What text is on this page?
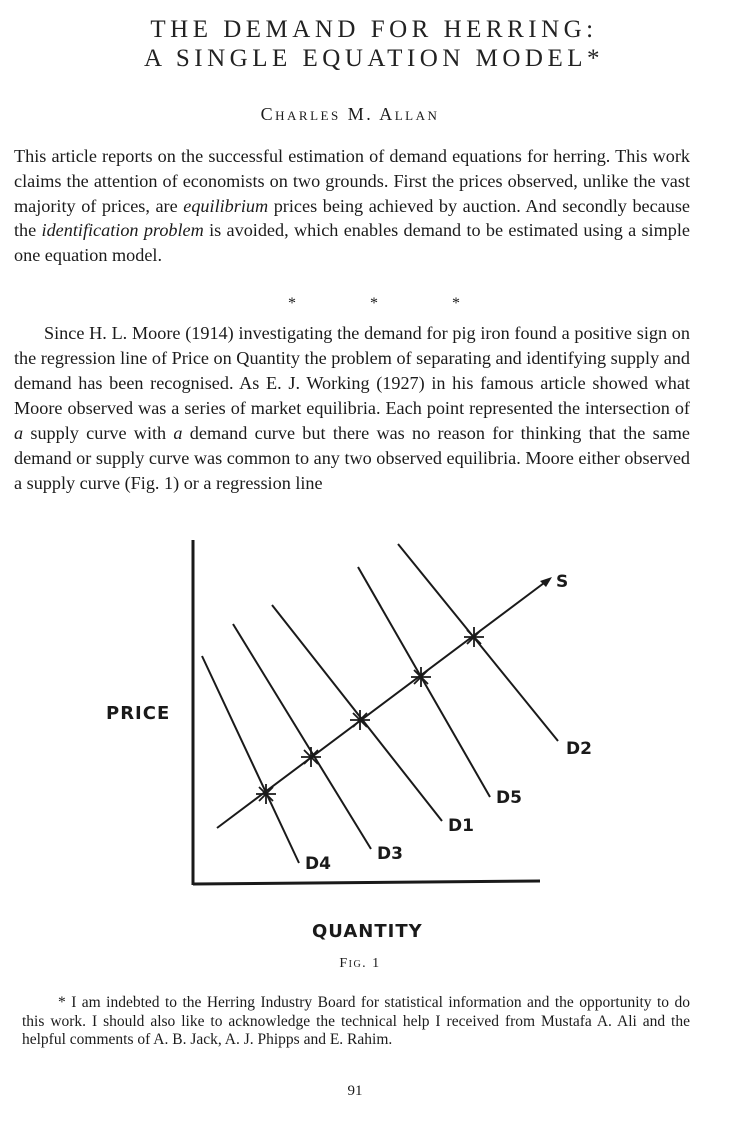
THE DEMAND FOR HERRING:
A SINGLE EQUATION MODEL*
Charles M. Allan
This article reports on the successful estimation of demand equations for herring. This work claims the attention of economists on two grounds. First the prices observed, unlike the vast majority of prices, are equilibrium prices being achieved by auction. And secondly because the identification problem is avoided, which enables demand to be estimated using a simple one equation model.
* * *
Since H. L. Moore (1914) investigating the demand for pig iron found a positive sign on the regression line of Price on Quantity the problem of separating and identifying supply and demand has been recognised. As E. J. Working (1927) in his famous article showed what Moore observed was a series of market equilibria. Each point represented the intersection of a supply curve with a demand curve but there was no reason for thinking that the same demand or supply curve was common to any two observed equilibria. Moore either observed a supply curve (Fig. 1) or a regression line
S
D4	D3
D1
D5
D2
PRICE
QUANTITY
Fig. 1
* I am indebted to the Herring Industry Board for statistical information and the opportunity to do this work. I should also like to acknowledge the technical help I received from Mustafa A. Ali and the helpful comments of A. B. Jack, A. J. Phipps and E. Rahim.
91
